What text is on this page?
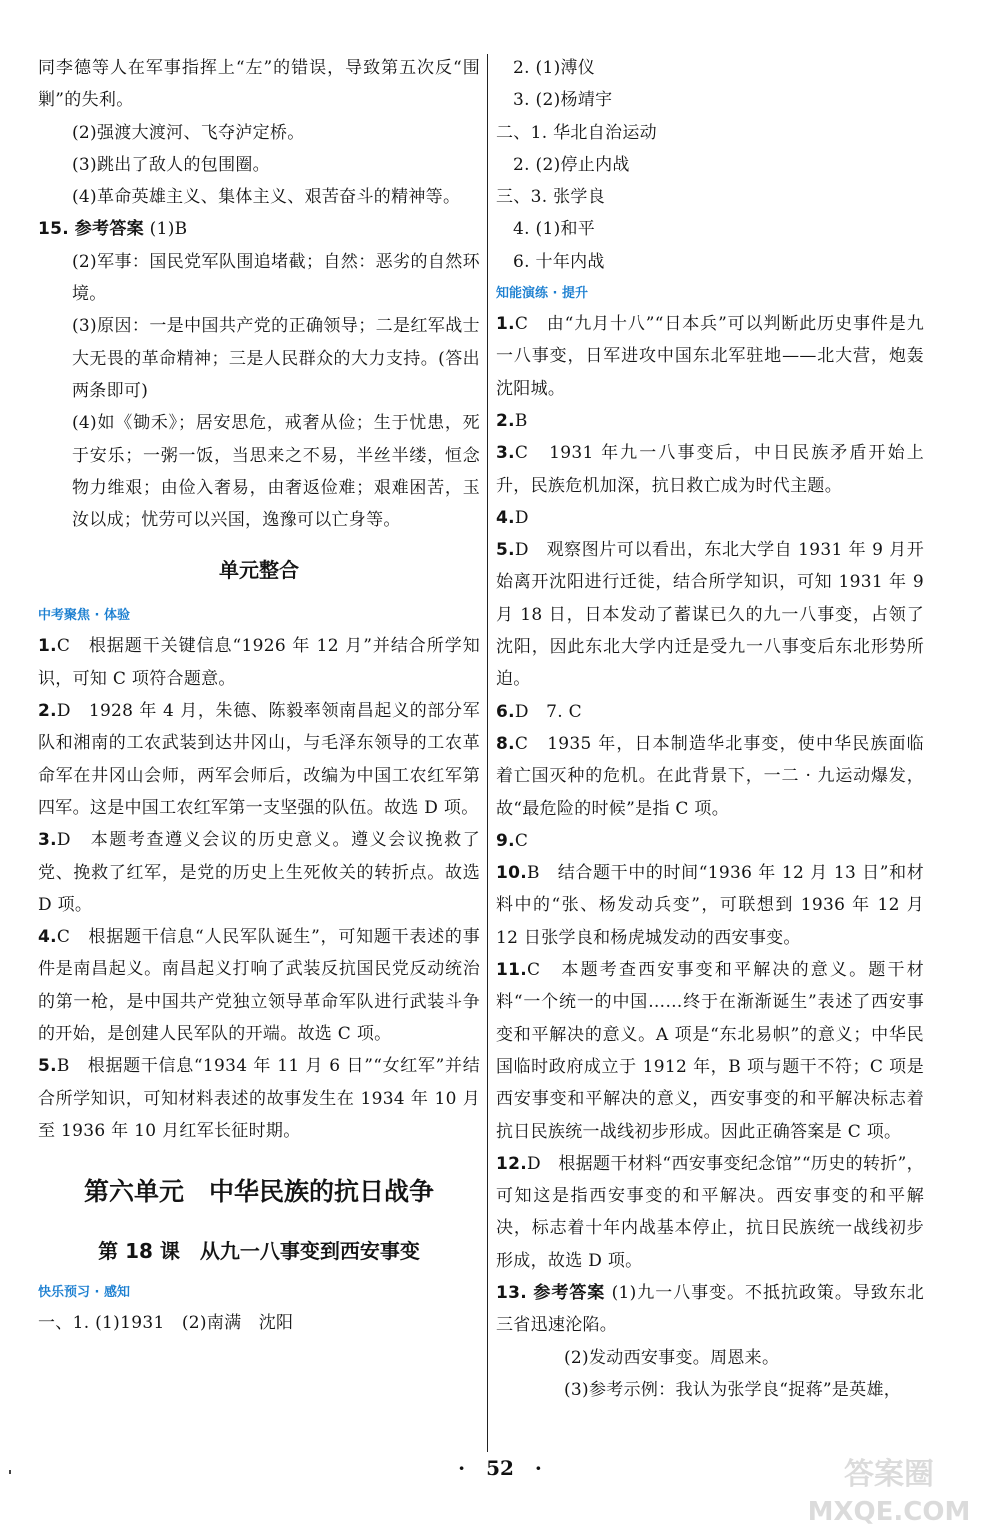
同李德等人在军事指挥上“左”的错误，导致第五次反“围剿”的失利。

(2)强渡大渡河、飞夺泸定桥。

(3)跳出了敌人的包围圈。

(4)革命英雄主义、集体主义、艰苦奋斗的精神等。

15. 参考答案 (1)B

(2)军事：国民党军队围追堵截；自然：恶劣的自然环境。

(3)原因：一是中国共产党的正确领导；二是红军战士大无畏的革命精神；三是人民群众的大力支持。(答出两条即可)

(4)如《锄禾》；居安思危，戒奢从俭；生于忧患，死于安乐；一粥一饭，当思来之不易，半丝半缕，恒念物力维艰；由俭入奢易，由奢返俭难；艰难困苦，玉汝以成；忧劳可以兴国，逸豫可以亡身等。

单元整合
中考聚焦 · 体验

1.C　根据题干关键信息“1926 年 12 月”并结合所学知识，可知 C 项符合题意。

2.D　1928 年 4 月，朱德、陈毅率领南昌起义的部分军队和湘南的工农武装到达井冈山，与毛泽东领导的工农革命军在井冈山会师，两军会师后，改编为中国工农红军第四军。这是中国工农红军第一支坚强的队伍。故选 D 项。

3.D　本题考查遵义会议的历史意义。遵义会议挽救了党、挽救了红军，是党的历史上生死攸关的转折点。故选 D 项。

4.C　根据题干信息“人民军队诞生”，可知题干表述的事件是南昌起义。南昌起义打响了武装反抗国民党反动统治的第一枪，是中国共产党独立领导革命军队进行武装斗争的开始，是创建人民军队的开端。故选 C 项。

5.B　根据题干信息“1934 年 11 月 6 日”“女红军”并结合所学知识，可知材料表述的故事发生在 1934 年 10 月至 1936 年 10 月红军长征时期。

第六单元　中华民族的抗日战争
第 18 课　从九一八事变到西安事变
快乐预习 · 感知

一、1. (1)1931　(2)南满　沈阳

2. (1)溥仪

3. (2)杨靖宇

二、1. 华北自治运动

2. (2)停止内战

三、3. 张学良

4. (1)和平

6. 十年内战

知能演练 · 提升

1.C　由“九月十八”“日本兵”可以判断此历史事件是九一八事变，日军进攻中国东北军驻地——北大营，炮轰沈阳城。

2.B

3.C　1931 年九一八事变后，中日民族矛盾开始上升，民族危机加深，抗日救亡成为时代主题。

4.D

5.D　观察图片可以看出，东北大学自 1931 年 9 月开始离开沈阳进行迁徙，结合所学知识，可知 1931 年 9 月 18 日，日本发动了蓄谋已久的九一八事变，占领了沈阳，因此东北大学内迁是受九一八事变后东北形势所迫。

6.D　7. C

8.C　1935 年，日本制造华北事变，使中华民族面临着亡国灭种的危机。在此背景下，一二 · 九运动爆发，故“最危险的时候”是指 C 项。

9.C

10.B　结合题干中的时间“1936 年 12 月 13 日”和材料中的“张、杨发动兵变”，可联想到 1936 年 12 月 12 日张学良和杨虎城发动的西安事变。

11.C　本题考查西安事变和平解决的意义。题干材料“一个统一的中国……终于在渐渐诞生”表述了西安事变和平解决的意义。A 项是“东北易帜”的意义；中华民国临时政府成立于 1912 年，B 项与题干不符；C 项是西安事变和平解决的意义，西安事变的和平解决标志着抗日民族统一战线初步形成。因此正确答案是 C 项。

12.D　根据题干材料“西安事变纪念馆”“历史的转折”，可知这是指西安事变的和平解决。西安事变的和平解决，标志着十年内战基本停止，抗日民族统一战线初步形成，故选 D 项。

13. 参考答案 (1)九一八事变。不抵抗政策。导致东北三省迅速沦陷。

(2)发动西安事变。周恩来。

(3)参考示例：我认为张学良“捉蒋”是英雄，

· 52 ·	答案圈
MXQE.COM
